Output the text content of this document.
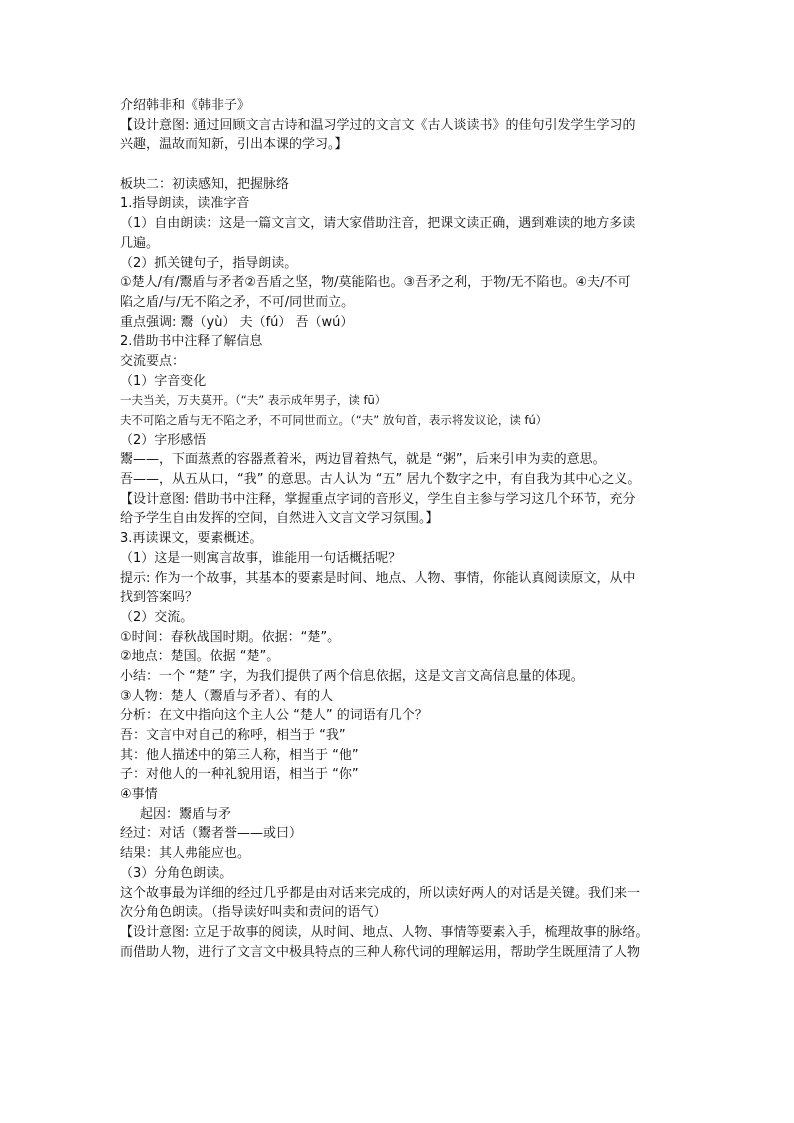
介绍韩非和《韩非子》
【设计意图: 通过回顾文言古诗和温习学过的文言文《古人谈读书》的佳句引发学生学习的
兴趣，温故而知新，引出本课的学习。】
板块二：初读感知，把握脉络
1.指导朗读，读准字音
（1）自由朗读：这是一篇文言文，请大家借助注音，把课文读正确，遇到难读的地方多读
几遍。
（2）抓关键句子，指导朗读。
①楚人/有/鬻盾与矛者②吾盾之坚，物/莫能陷也。③吾矛之利，于物/无不陷也。④夫/不可
陷之盾/与/无不陷之矛，不可/同世而立。
重点强调: 鬻（yù） 夫（fú） 吾（wú）
2.借助书中注释了解信息
交流要点：
（1）字音变化
一夫当关，万夫莫开。（“夫” 表示成年男子，读 fū）
夫不可陷之盾与无不陷之矛，不可同世而立。（“夫” 放句首，表示将发议论，读 fú）
（2）字形感悟
鬻——，下面蒸煮的容器煮着米，两边冒着热气，就是 “粥”，后来引申为卖的意思。
吾——，从五从口，“我” 的意思。古人认为 “五” 居九个数字之中，有自我为其中心之义。
【设计意图: 借助书中注释，掌握重点字词的音形义，学生自主参与学习这几个环节，充分
给予学生自由发挥的空间，自然进入文言文学习氛围。】
3.再读课文，要素概述。
（1）这是一则寓言故事，谁能用一句话概括呢？
提示: 作为一个故事，其基本的要素是时间、地点、人物、事情，你能认真阅读原文，从中
找到答案吗？
（2）交流。
①时间：春秋战国时期。依据：“楚”。
②地点：楚国。依据 “楚”。
小结：一个 “楚” 字，为我们提供了两个信息依据，这是文言文高信息量的体现。
③人物：楚人（鬻盾与矛者）、有的人
分析：在文中指向这个主人公 “楚人” 的词语有几个？
吾：文言中对自己的称呼，相当于 “我”
其：他人描述中的第三人称，相当于 “他”
子：对他人的一种礼貌用语，相当于 “你”
④事情
起因：鬻盾与矛
经过：对话（鬻者誉——或曰）
结果：其人弗能应也。
（3）分角色朗读。
这个故事最为详细的经过几乎都是由对话来完成的，所以读好两人的对话是关键。我们来一
次分角色朗读。（指导读好叫卖和责问的语气）
【设计意图: 立足于故事的阅读，从时间、地点、人物、事情等要素入手，梳理故事的脉络。
而借助人物，进行了文言文中极具特点的三种人称代词的理解运用，帮助学生既厘清了人物
